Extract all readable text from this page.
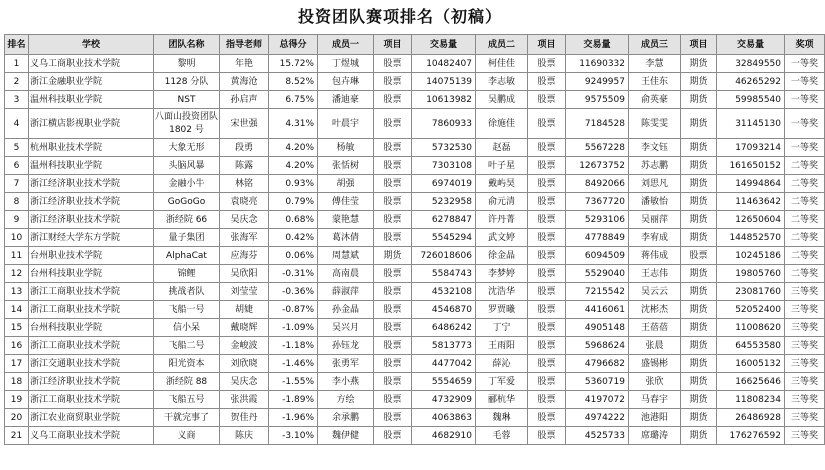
投资团队赛项排名（初稿）
排名	学校	团队名称	指导老师	总得分	成员一	项目	交易量	成员二	项目	交易量	成员三	项目	交易量	奖项
1	义乌工商职业技术学院	黎明	年艳	15.72%	丁煜城	股票	10482407	柯佳佳	股票	11690332	李慧	期货	32849550	一等奖
2	浙江金融职业学院	1128 分队	黄海沧	8.52%	包卉琳	股票	14075139	李志敏	股票	9249957	王佳东	期货	46265292	一等奖
3	温州科技职业学院	NST	孙启声	6.75%	潘迪豪	股票	10613982	吴鹏成	股票	9575509	俞英豪	期货	59985540	一等奖
4	浙江横店影视职业学院	八面山投资团队 1802 号	宋世强	4.31%	叶晨宇	股票	7860933	徐施佳	股票	7184528	陈雯雯	期货	31145130	一等奖
5	杭州职业技术学院	大象无形	段勇	4.20%	杨敏	股票	5732530	赵磊	股票	5567228	李文钰	期货	17093214	一等奖
6	温州科技职业学院	头脑风暴	陈露	4.20%	张恬树	股票	7303108	叶子星	股票	12673752	苏志鹏	期货	161650152	二等奖
7	浙江经济职业技术学院	金融小牛	林铭	0.93%	胡强	股票	6974019	戴屿昊	股票	8492066	刘思凡	期货	14994864	二等奖
8	浙江经济职业技术学院	GoGoGo	袁晓亮	0.79%	傅佳莹	股票	5232958	俞元清	股票	7367720	潘敏怡	期货	11463642	二等奖
9	浙江经济职业技术学院	浙经院 66	吴庆念	0.68%	蒙艳慧	股票	6278847	许丹菁	股票	5293106	吴丽萍	期货	12650604	二等奖
10	浙江财经大学东方学院	量子集团	张海军	0.42%	葛沐倩	股票	5545294	武文婷	股票	4778849	李宥成	期货	144852570	二等奖
11	台州职业技术学院	AlphaCat	应海芬	0.06%	周慧斌	期货	726018606	徐金晶	股票	6094509	蒋伟成	股票	10245186	二等奖
12	台州科技职业学院	锦鲤	吴欣阳	-0.31%	高南晨	股票	5584743	李梦婷	股票	5529040	王志伟	期货	19805760	二等奖
13	浙江工商职业技术学院	挑战者队	刘莹莹	-0.36%	薛淑萍	股票	4532108	沈浩华	股票	7215542	吴云云	期货	23081760	三等奖
14	浙江工商职业技术学院	飞船一号	胡婕	-0.87%	孙金晶	股票	4546870	罗贾曦	股票	4416061	沈彬杰	期货	52052400	三等奖
15	台州科技职业学院	信小呆	戴晓辉	-1.09%	吴兴月	股票	6486242	丁宁	股票	4905148	王蓓蓓	期货	11008620	三等奖
16	浙江工商职业技术学院	飞船二号	金峻波	-1.18%	孙钰龙	股票	5813773	王雨阳	股票	5968624	张晨	期货	64553580	三等奖
17	浙江交通职业技术学院	阳光资本	刘欣晓	-1.46%	张勇军	股票	4477042	薛沁	股票	4796682	盛锡彬	期货	16005132	三等奖
18	浙江经济职业技术学院	浙经院 88	吴庆念	-1.55%	李小燕	股票	5554659	丁军爱	股票	5360719	张欣	期货	16625646	三等奖
19	浙江工商职业技术学院	飞船五号	张洪霞	-1.89%	方绘	股票	4732909	郦杭华	股票	4197072	马春宇	期货	11808234	三等奖
20	浙江农业商贸职业学院	干就完事了	贺佳丹	-1.96%	余承鹏	股票	4063863	魏琳	股票	4974222	池港阳	期货	26486928	三等奖
21	义乌工商职业技术学院	义商	陈庆	-3.10%	魏伊健	股票	4682910	毛蓉	股票	4525733	席璐涛	期货	176276592	三等奖
